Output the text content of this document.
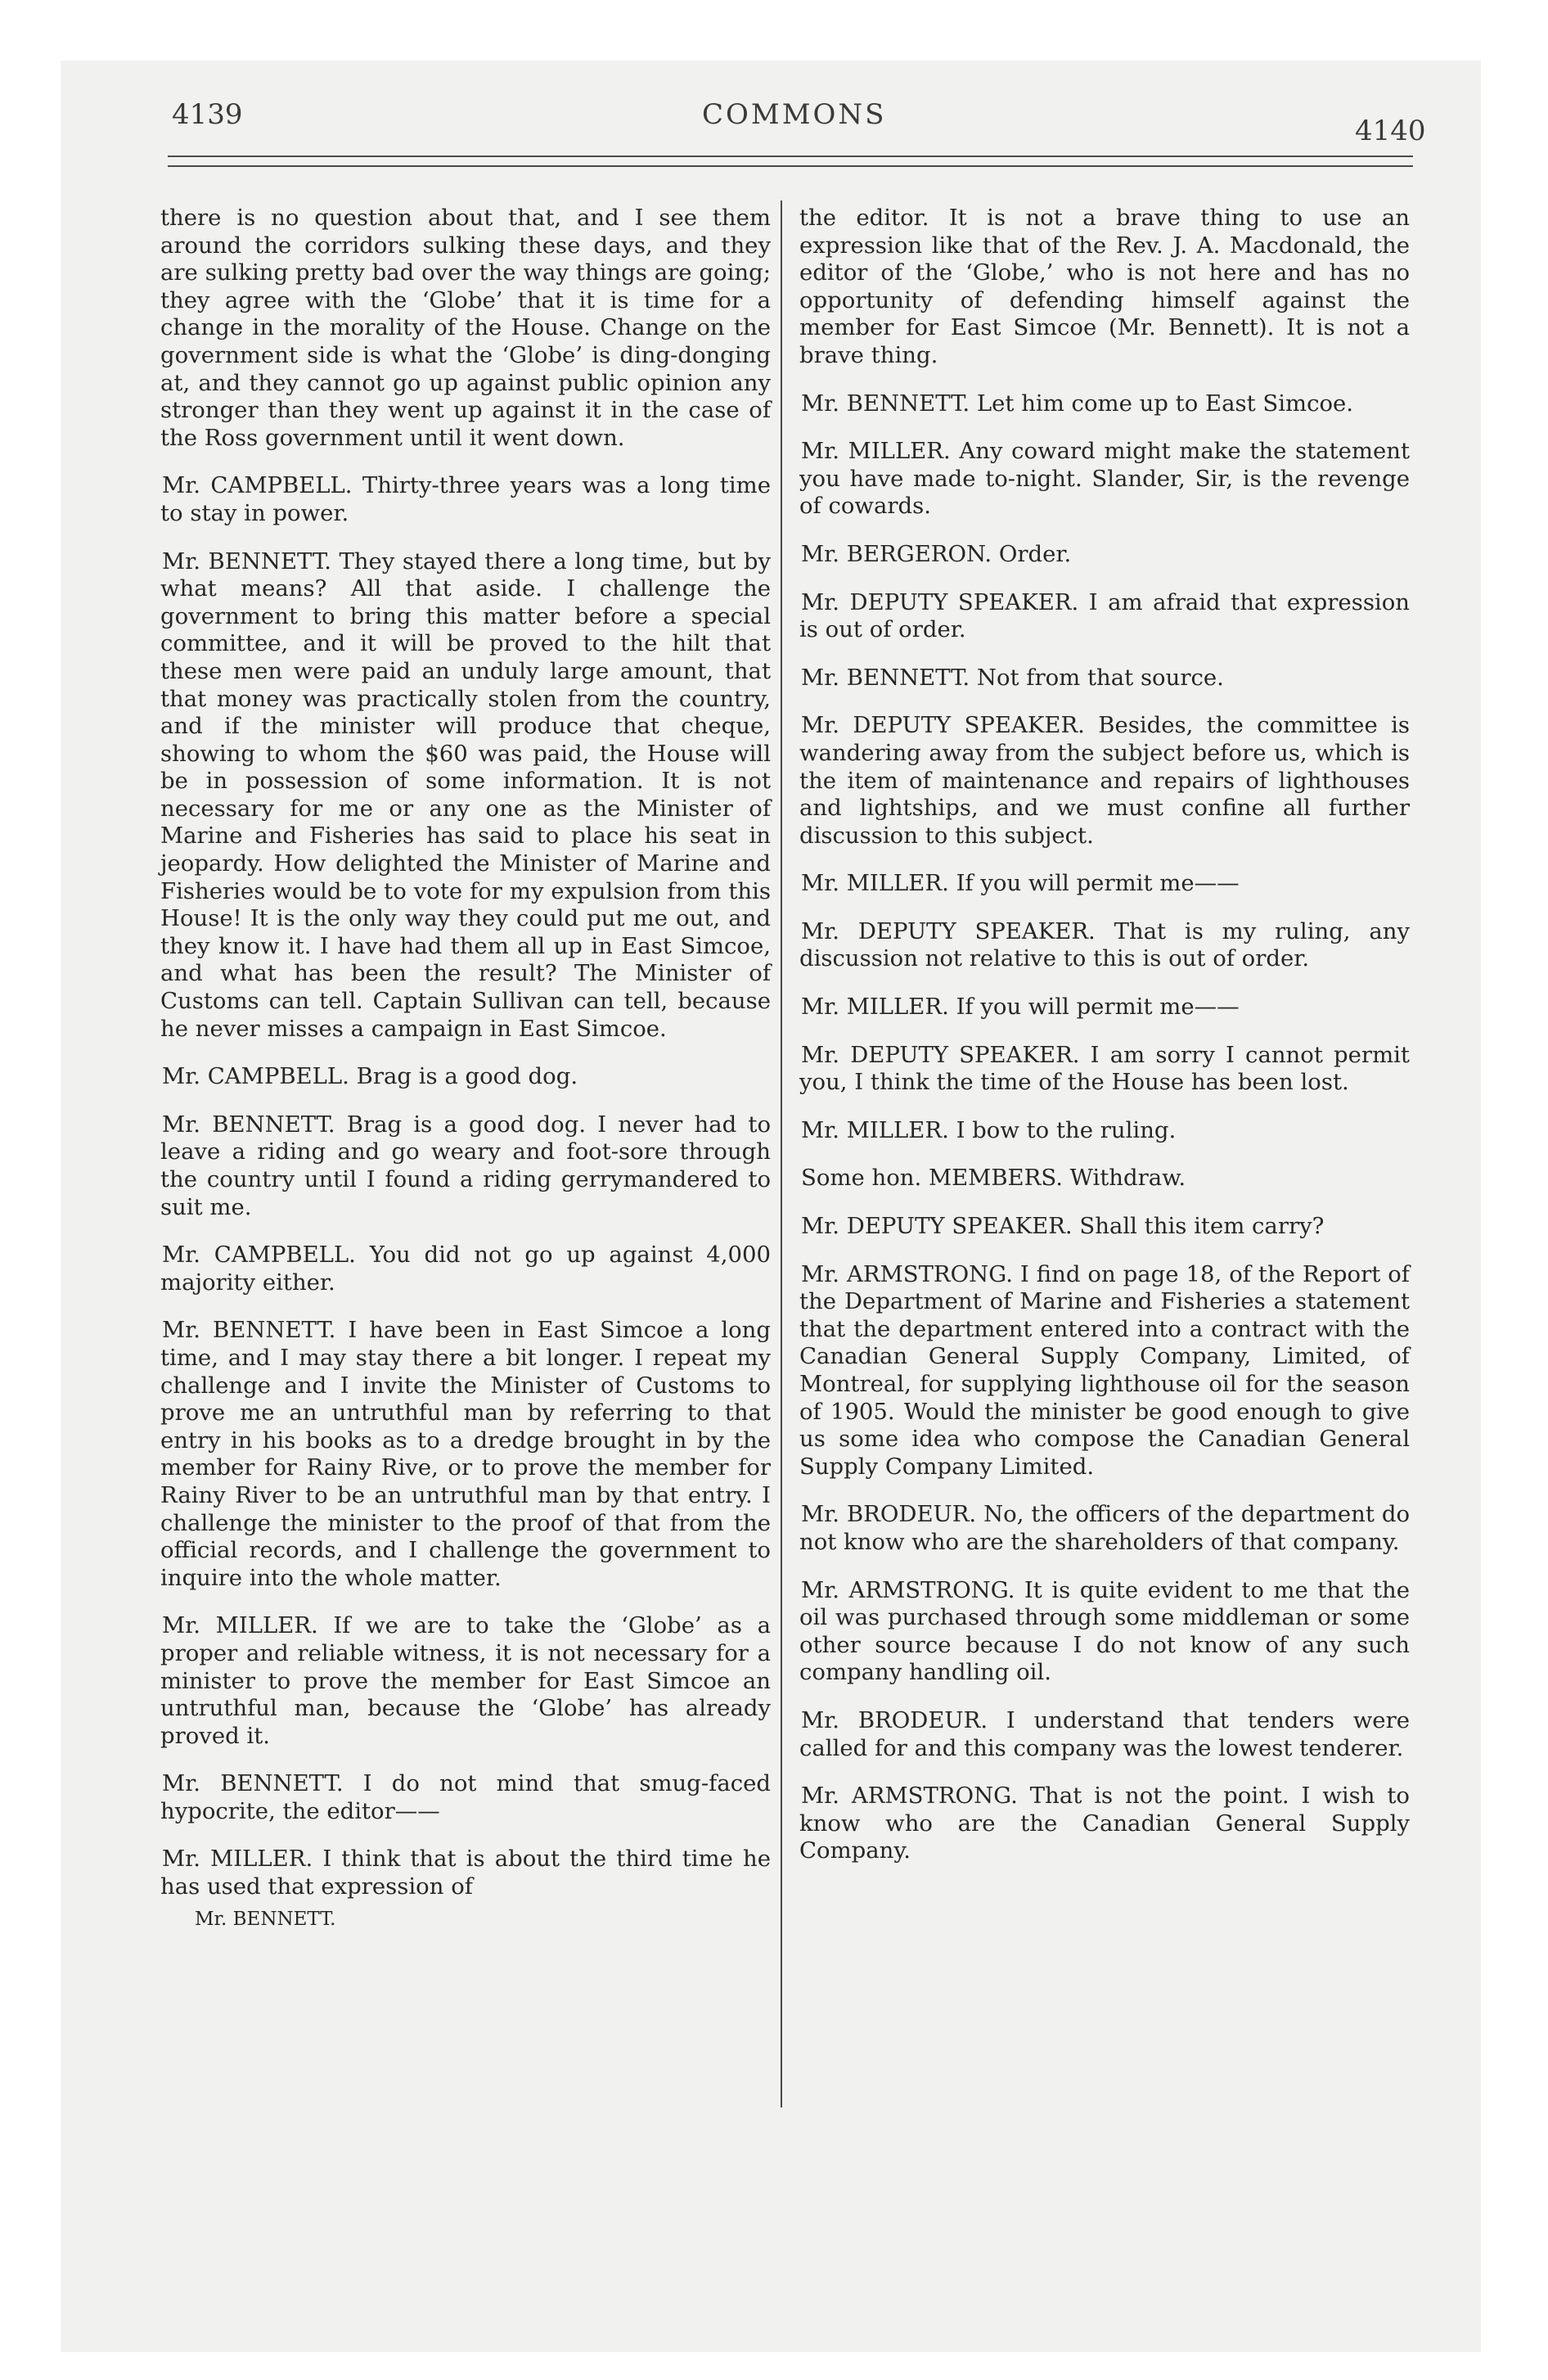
4139	COMMONS	4140

there is no question about that, and I see them around the corridors sulking these days, and they are sulking pretty bad over the way things are going; they agree with the ‘Globe’ that it is time for a change in the morality of the House. Change on the government side is what the ‘Globe’ is ding-donging at, and they cannot go up against public opinion any stronger than they went up against it in the case of the Ross government until it went down.

Mr. CAMPBELL. Thirty-three years was a long time to stay in power.

Mr. BENNETT. They stayed there a long time, but by what means? All that aside. I challenge the government to bring this matter before a special committee, and it will be proved to the hilt that these men were paid an unduly large amount, that that money was practically stolen from the country, and if the minister will produce that cheque, showing to whom the $60 was paid, the House will be in possession of some information. It is not necessary for me or any one as the Minister of Marine and Fisheries has said to place his seat in jeopardy. How delighted the Minister of Marine and Fisheries would be to vote for my expulsion from this House! It is the only way they could put me out, and they know it. I have had them all up in East Simcoe, and what has been the result? The Minister of Customs can tell. Captain Sullivan can tell, because he never misses a campaign in East Simcoe.

Mr. CAMPBELL. Brag is a good dog.

Mr. BENNETT. Brag is a good dog. I never had to leave a riding and go weary and foot-sore through the country until I found a riding gerrymandered to suit me.

Mr. CAMPBELL. You did not go up against 4,000 majority either.

Mr. BENNETT. I have been in East Simcoe a long time, and I may stay there a bit longer. I repeat my challenge and I invite the Minister of Customs to prove me an untruthful man by referring to that entry in his books as to a dredge brought in by the member for Rainy Rive, or to prove the member for Rainy River to be an untruthful man by that entry. I challenge the minister to the proof of that from the official records, and I challenge the government to inquire into the whole matter.

Mr. MILLER. If we are to take the ‘Globe’ as a proper and reliable witness, it is not necessary for a minister to prove the member for East Simcoe an untruthful man, because the ‘Globe’ has already proved it.

Mr. BENNETT. I do not mind that smug-faced hypocrite, the editor——

Mr. MILLER. I think that is about the third time he has used that expression of

Mr. BENNETT.

the editor. It is not a brave thing to use an expression like that of the Rev. J. A. Macdonald, the editor of the ‘Globe,’ who is not here and has no opportunity of defending himself against the member for East Simcoe (Mr. Bennett). It is not a brave thing.

Mr. BENNETT. Let him come up to East Simcoe.

Mr. MILLER. Any coward might make the statement you have made to-night. Slander, Sir, is the revenge of cowards.

Mr. BERGERON. Order.

Mr. DEPUTY SPEAKER. I am afraid that expression is out of order.

Mr. BENNETT. Not from that source.

Mr. DEPUTY SPEAKER. Besides, the committee is wandering away from the subject before us, which is the item of maintenance and repairs of lighthouses and lightships, and we must confine all further discussion to this subject.

Mr. MILLER. If you will permit me——

Mr. DEPUTY SPEAKER. That is my ruling, any discussion not relative to this is out of order.

Mr. MILLER. If you will permit me——

Mr. DEPUTY SPEAKER. I am sorry I cannot permit you, I think the time of the House has been lost.

Mr. MILLER. I bow to the ruling.

Some hon. MEMBERS. Withdraw.

Mr. DEPUTY SPEAKER. Shall this item carry?

Mr. ARMSTRONG. I find on page 18, of the Report of the Department of Marine and Fisheries a statement that the department entered into a contract with the Canadian General Supply Company, Limited, of Montreal, for supplying lighthouse oil for the season of 1905. Would the minister be good enough to give us some idea who compose the Canadian General Supply Company Limited.

Mr. BRODEUR. No, the officers of the department do not know who are the shareholders of that company.

Mr. ARMSTRONG. It is quite evident to me that the oil was purchased through some middleman or some other source because I do not know of any such company handling oil.

Mr. BRODEUR. I understand that tenders were called for and this company was the lowest tenderer.

Mr. ARMSTRONG. That is not the point. I wish to know who are the Canadian General Supply Company.
